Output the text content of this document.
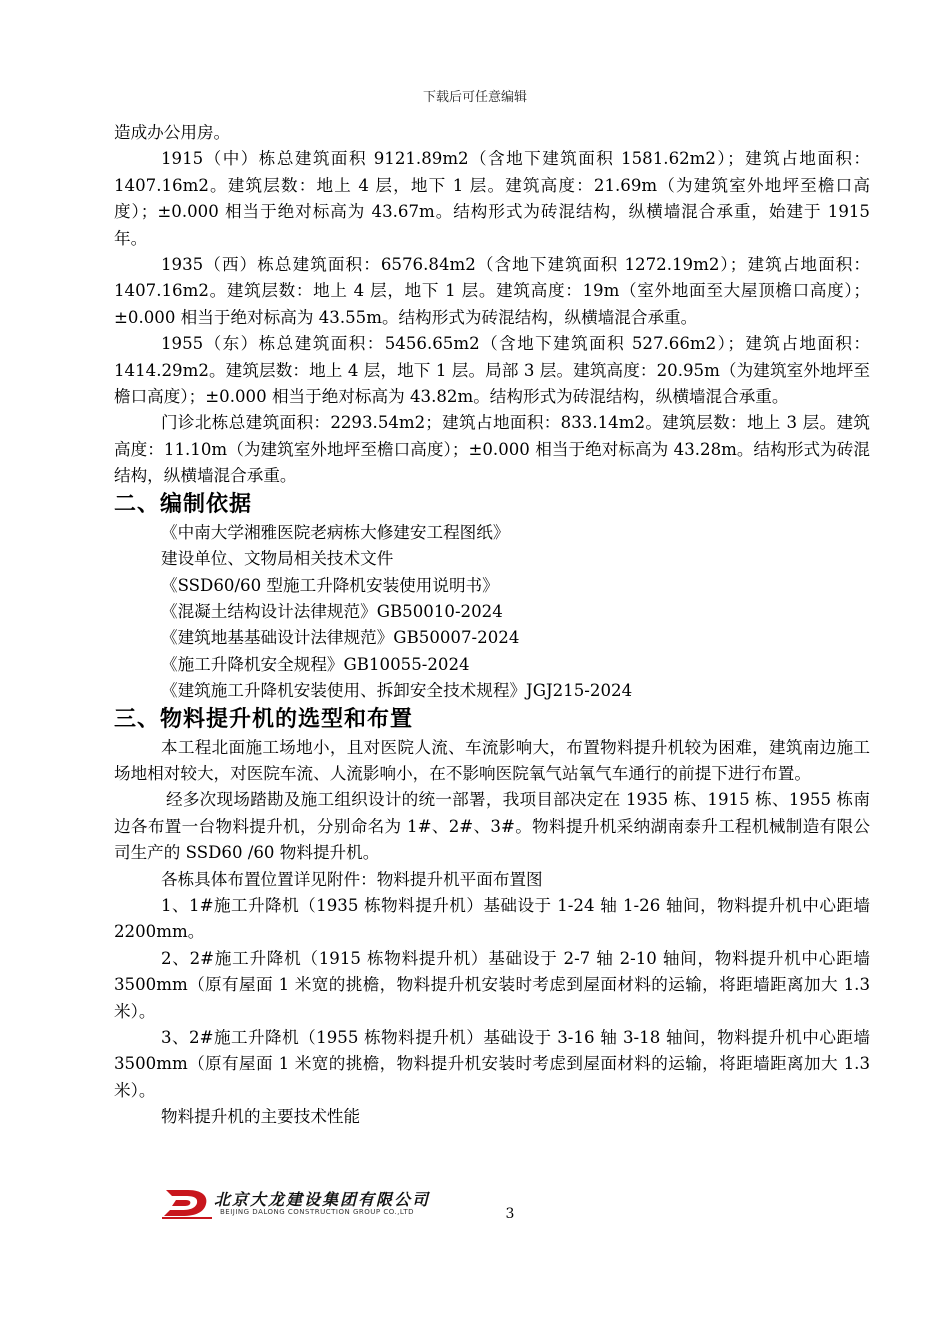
下载后可任意编辑

造成办公用房。

1915（中）栋总建筑面积 9121.89m2（含地下建筑面积 1581.62m2）；建筑占地面积：1407.16m2。建筑层数：地上 4 层，地下 1 层。建筑高度：21.69m（为建筑室外地坪至檐口高度）；±0.000 相当于绝对标高为 43.67m。结构形式为砖混结构，纵横墙混合承重，始建于 1915 年。

1935（西）栋总建筑面积：6576.84m2（含地下建筑面积 1272.19m2）；建筑占地面积：1407.16m2。建筑层数：地上 4 层，地下 1 层。建筑高度：19m（室外地面至大屋顶檐口高度）；±0.000 相当于绝对标高为 43.55m。结构形式为砖混结构，纵横墙混合承重。

1955（东）栋总建筑面积：5456.65m2（含地下建筑面积 527.66m2）；建筑占地面积：1414.29m2。建筑层数：地上 4 层，地下 1 层。局部 3 层。建筑高度：20.95m（为建筑室外地坪至檐口高度）；±0.000 相当于绝对标高为 43.82m。结构形式为砖混结构，纵横墙混合承重。

门诊北栋总建筑面积：2293.54m2；建筑占地面积：833.14m2。建筑层数：地上 3 层。建筑高度：11.10m（为建筑室外地坪至檐口高度）；±0.000 相当于绝对标高为 43.28m。结构形式为砖混结构，纵横墙混合承重。

二、编制依据
《中南大学湘雅医院老病栋大修建安工程图纸》
建设单位、文物局相关技术文件
《SSD60/60 型施工升降机安装使用说明书》
《混凝土结构设计法律规范》GB50010-2024
《建筑地基基础设计法律规范》GB50007-2024
《施工升降机安全规程》GB10055-2024
《建筑施工升降机安装使用、拆卸安全技术规程》JGJ215-2024
三、物料提升机的选型和布置

本工程北面施工场地小，且对医院人流、车流影响大，布置物料提升机较为困难，建筑南边施工场地相对较大，对医院车流、人流影响小，在不影响医院氧气站氧气车通行的前提下进行布置。

经多次现场踏勘及施工组织设计的统一部署，我项目部决定在 1935 栋、1915 栋、1955 栋南边各布置一台物料提升机，分别命名为 1#、2#、3#。物料提升机采纳湖南泰升工程机械制造有限公司生产的 SSD60 /60 物料提升机。

各栋具体布置位置详见附件：物料提升机平面布置图

1、1#施工升降机（1935 栋物料提升机）基础设于 1-24 轴 1-26 轴间，物料提升机中心距墙 2200mm。

2、2#施工升降机（1915 栋物料提升机）基础设于 2-7 轴 2-10 轴间，物料提升机中心距墙 3500mm（原有屋面 1 米宽的挑檐，物料提升机安装时考虑到屋面材料的运输，将距墙距离加大 1.3 米）。

3、2#施工升降机（1955 栋物料提升机）基础设于 3-16 轴 3-18 轴间，物料提升机中心距墙 3500mm（原有屋面 1 米宽的挑檐，物料提升机安装时考虑到屋面材料的运输，将距墙距离加大 1.3 米）。

物料提升机的主要技术性能

北京大龙建设集团有限公司
BEIJING DALONG CONSTRUCTION GROUP CO.,LTD	3
